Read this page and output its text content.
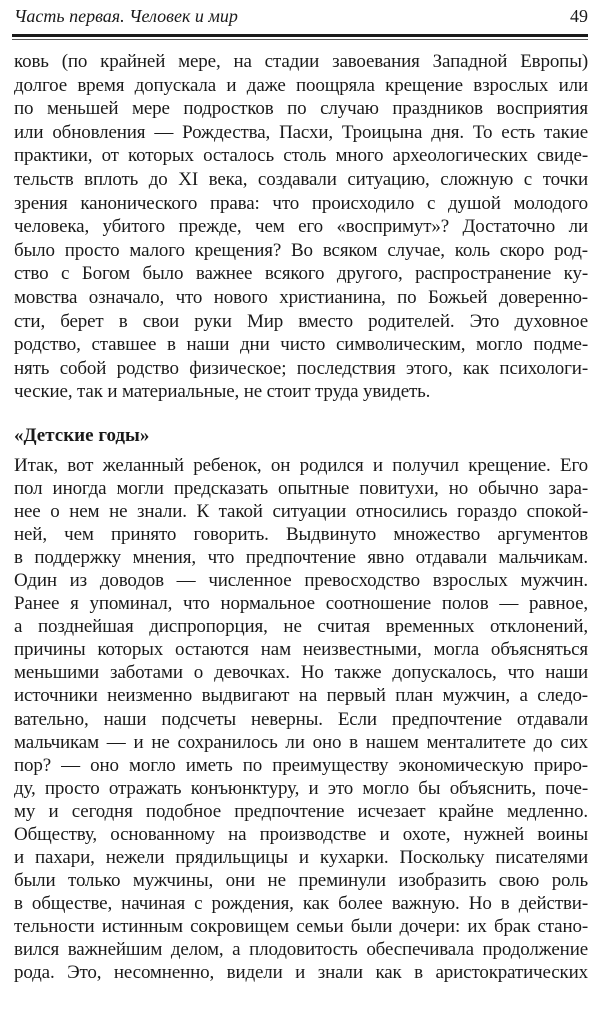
Часть первая. Человек и мир	49
ковь (по крайней мере, на стадии завоевания Западной Европы)
долгое время допускала и даже поощряла крещение взрослых или
по меньшей мере подростков по случаю праздников восприятия
или обновления — Рождества, Пасхи, Троицына дня. То есть такие
практики, от которых осталось столь много археологических свиде-
тельств вплоть до XI века, создавали ситуацию, сложную с точки
зрения канонического права: что происходило с душой молодого
человека, убитого прежде, чем его «воспримут»? Достаточно ли
было просто малого крещения? Во всяком случае, коль скоро род-
ство с Богом было важнее всякого другого, распространение ку-
мовства означало, что нового христианина, по Божьей доверенно-
сти, берет в свои руки Мир вместо родителей. Это духовное
родство, ставшее в наши дни чисто символическим, могло подме-
нять собой родство физическое; последствия этого, как психологи-
ческие, так и материальные, не стоит труда увидеть.
«Детские годы»
Итак, вот желанный ребенок, он родился и получил крещение. Его
пол иногда могли предсказать опытные повитухи, но обычно зара-
нее о нем не знали. К такой ситуации относились гораздо спокой-
ней, чем принято говорить. Выдвинуто множество аргументов
в поддержку мнения, что предпочтение явно отдавали мальчикам.
Один из доводов — численное превосходство взрослых мужчин.
Ранее я упоминал, что нормальное соотношение полов — равное,
а позднейшая диспропорция, не считая временных отклонений,
причины которых остаются нам неизвестными, могла объясняться
меньшими заботами о девочках. Но также допускалось, что наши
источники неизменно выдвигают на первый план мужчин, а следо-
вательно, наши подсчеты неверны. Если предпочтение отдавали
мальчикам — и не сохранилось ли оно в нашем менталитете до сих
пор? — оно могло иметь по преимуществу экономическую приро-
ду, просто отражать конъюнктуру, и это могло бы объяснить, поче-
му и сегодня подобное предпочтение исчезает крайне медленно.
Обществу, основанному на производстве и охоте, нужней воины
и пахари, нежели прядильщицы и кухарки. Поскольку писателями
были только мужчины, они не преминули изобразить свою роль
в обществе, начиная с рождения, как более важную. Но в действи-
тельности истинным сокровищем семьи были дочери: их брак стано-
вился важнейшим делом, а плодовитость обеспечивала продолжение
рода. Это, несомненно, видели и знали как в аристократических
